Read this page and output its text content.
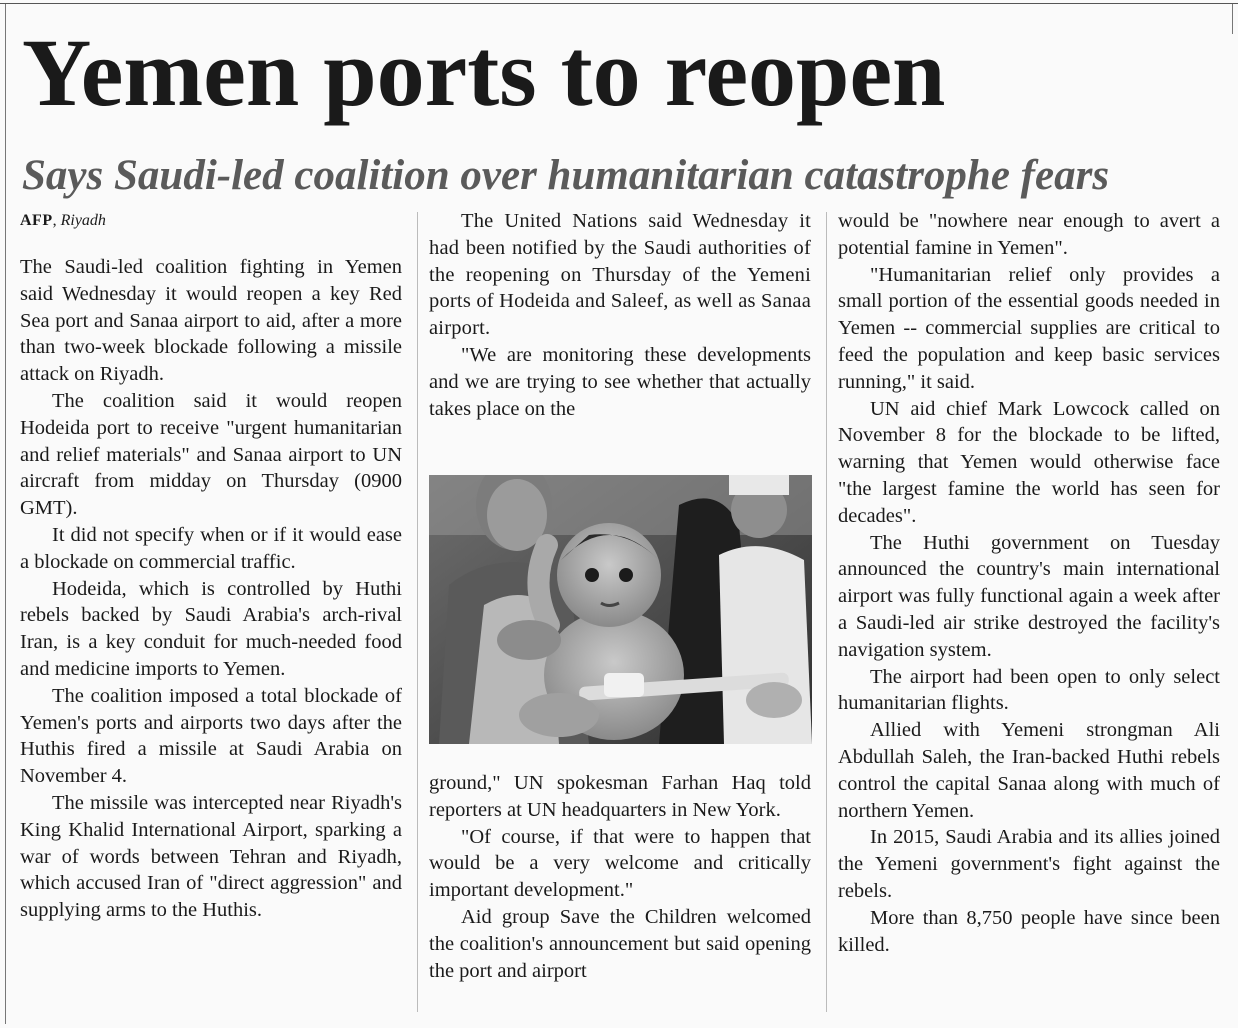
Yemen ports to reopen
Says Saudi-led coalition over humanitarian catastrophe fears
AFP, Riyadh

The Saudi-led coalition fighting in Yemen said Wednesday it would reopen a key Red Sea port and Sanaa airport to aid, after a more than two-week blockade following a missile attack on Riyadh.

The coalition said it would reopen Hodeida port to receive "urgent humanitarian and relief materials" and Sanaa airport to UN aircraft from midday on Thursday (0900 GMT).

It did not specify when or if it would ease a blockade on commercial traffic.

Hodeida, which is controlled by Huthi rebels backed by Saudi Arabia's arch-rival Iran, is a key conduit for much-needed food and medicine imports to Yemen.

The coalition imposed a total blockade of Yemen's ports and airports two days after the Huthis fired a missile at Saudi Arabia on November 4.

The missile was intercepted near Riyadh's King Khalid International Airport, sparking a war of words between Tehran and Riyadh, which accused Iran of "direct aggression" and supplying arms to the Huthis.

The United Nations said Wednesday it had been notified by the Saudi authorities of the reopening on Thursday of the Yemeni ports of Hodeida and Saleef, as well as Sanaa airport.

"We are monitoring these developments and we are trying to see whether that actually takes place on the

ground," UN spokesman Farhan Haq told reporters at UN headquarters in New York.

"Of course, if that were to happen that would be a very welcome and critically important development."

Aid group Save the Children welcomed the coalition's announcement but said opening the port and airport

would be "nowhere near enough to avert a potential famine in Yemen".

"Humanitarian relief only provides a small portion of the essential goods needed in Yemen -- commercial supplies are critical to feed the population and keep basic services running," it said.

UN aid chief Mark Lowcock called on November 8 for the blockade to be lifted, warning that Yemen would otherwise face "the largest famine the world has seen for decades".

The Huthi government on Tuesday announced the country's main international airport was fully functional again a week after a Saudi-led air strike destroyed the facility's navigation system.

The airport had been open to only select humanitarian flights.

Allied with Yemeni strongman Ali Abdullah Saleh, the Iran-backed Huthi rebels control the capital Sanaa along with much of northern Yemen.

In 2015, Saudi Arabia and its allies joined the Yemeni government's fight against the rebels.

More than 8,750 people have since been killed.
